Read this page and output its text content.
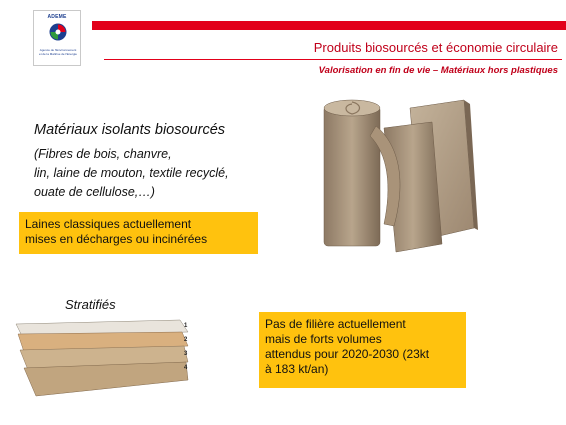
ADEME
Agence de l'Environnement
et de la Maîtrise de l'Energie	Produits biosourcés et économie circulaire
Valorisation en fin de vie – Matériaux hors plastiques
Matériaux isolants biosourcés
(Fibres de bois, chanvre,
lin, laine de mouton, textile recyclé,
ouate de cellulose,…)
Laines classiques actuellement
mises en décharges ou incinérées
Stratifiés
1
2
3
4
Pas de filière actuellement
mais de forts volumes
attendus pour 2020-2030 (23kt
à 183 kt/an)
